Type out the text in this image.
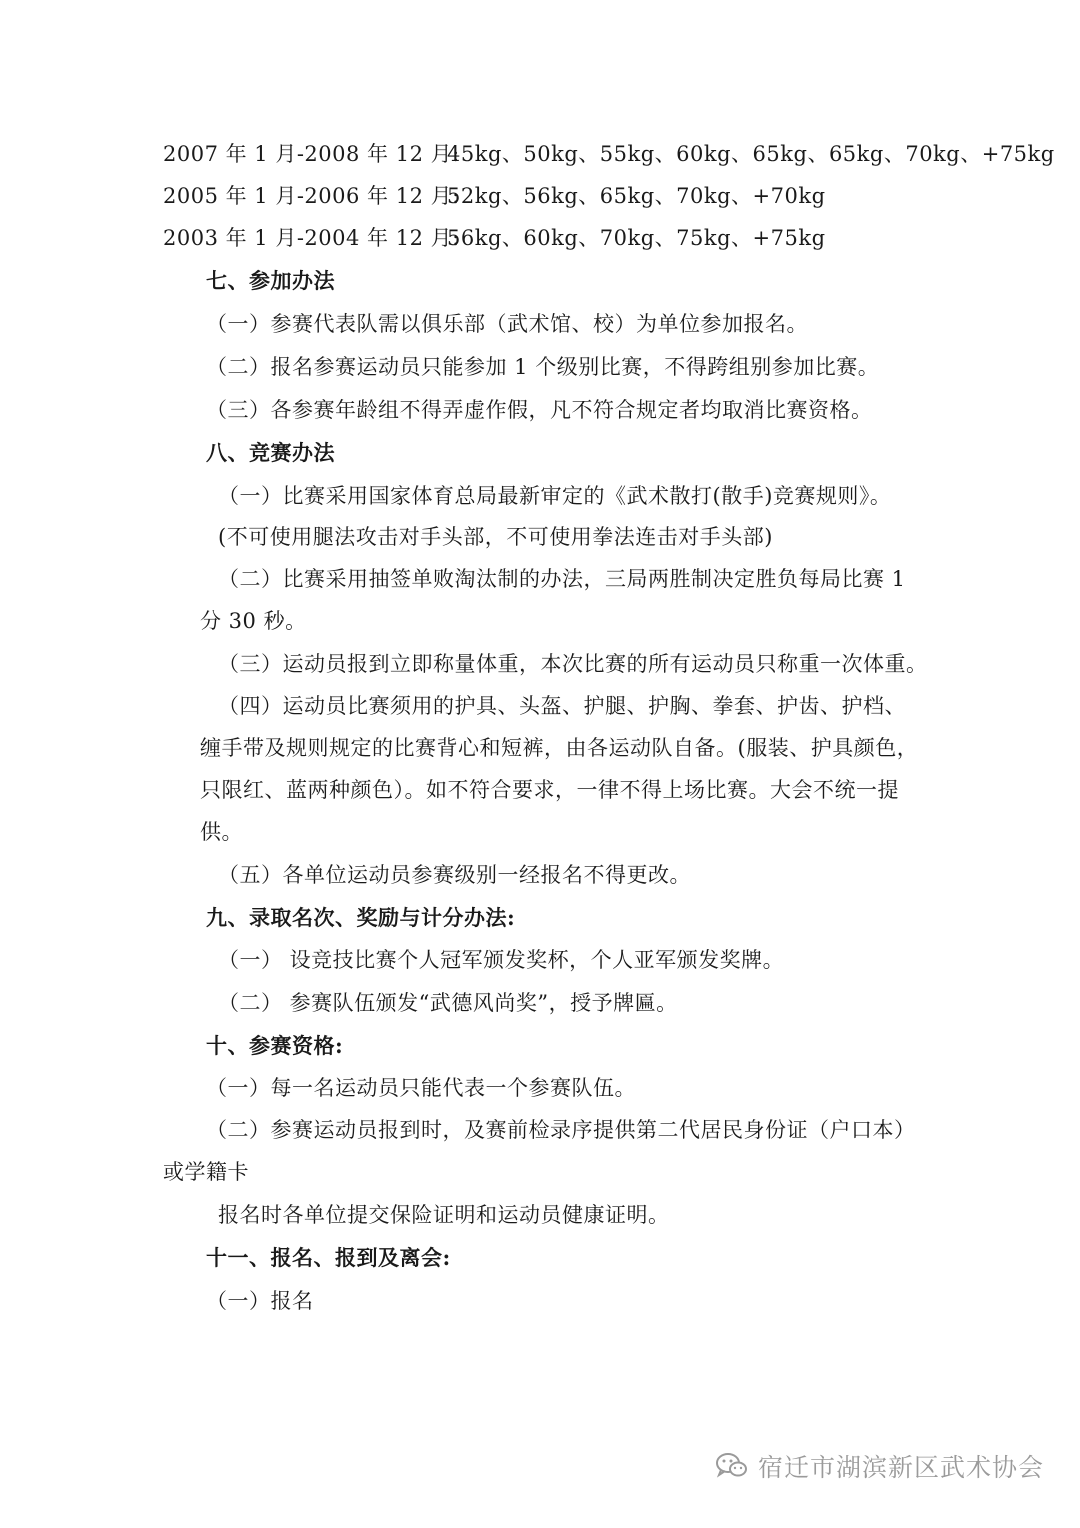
2007 年 1 月-2008 年 12 月:45kg、50kg、55kg、60kg、65kg、65kg、70kg、+75kg
2005 年 1 月-2006 年 12 月:52kg、56kg、65kg、70kg、+70kg
2003 年 1 月-2004 年 12 月:56kg、60kg、70kg、75kg、+75kg
七、参加办法
（一）参赛代表队需以俱乐部（武术馆、校）为单位参加报名。
（二）报名参赛运动员只能参加 1 个级别比赛，不得跨组别参加比赛。
（三）各参赛年龄组不得弄虚作假，凡不符合规定者均取消比赛资格。
八、竞赛办法
（一）比赛采用国家体育总局最新审定的《武术散打(散手)竞赛规则》。
(不可使用腿法攻击对手头部，不可使用拳法连击对手头部)
（二）比赛采用抽签单败淘汰制的办法，三局两胜制决定胜负每局比赛 1
分 30 秒。
（三）运动员报到立即称量体重，本次比赛的所有运动员只称重一次体重。
（四）运动员比赛须用的护具、头盔、护腿、护胸、拳套、护齿、护档、
缠手带及规则规定的比赛背心和短裤，由各运动队自备。(服装、护具颜色，
只限红、蓝两种颜色）。如不符合要求，一律不得上场比赛。大会不统一提
供。
（五）各单位运动员参赛级别一经报名不得更改。
九、录取名次、奖励与计分办法:
（一） 设竞技比赛个人冠军颁发奖杯，个人亚军颁发奖牌。
（二） 参赛队伍颁发“武德风尚奖”，授予牌匾。
十、参赛资格:
（一）每一名运动员只能代表一个参赛队伍。
（二）参赛运动员报到时，及赛前检录序提供第二代居民身份证（户口本）
或学籍卡
报名时各单位提交保险证明和运动员健康证明。
十一、报名、报到及离会:
（一）报名
宿迁市湖滨新区武术协会
